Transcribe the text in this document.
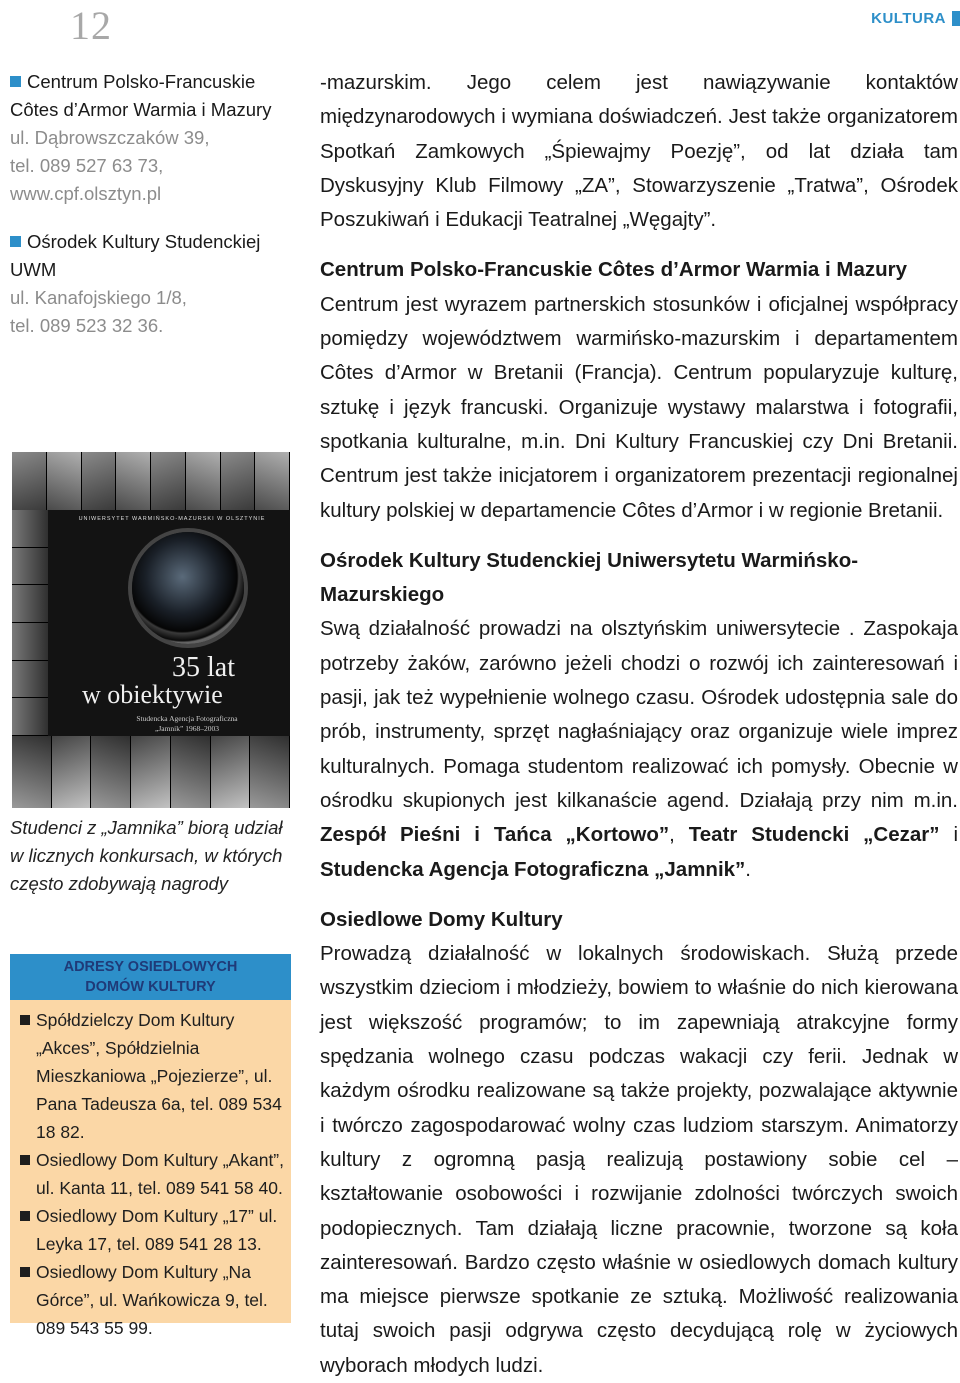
12	KULTURA
Centrum Polsko-Francuskie Côtes d’Armor Warmia i Mazury
ul. Dąbrowszczaków 39,
tel. 089 527 63 73,
www.cpf.olsztyn.pl
Ośrodek Kultury Studenckiej UWM
ul. Kanafojskiego 1/8,
tel. 089 523 32 36.
UNIWERSYTET WARMIŃSKO-MAZURSKI W OLSZTYNIE
35 lat
w obiektywie
Studencka Agencja Fotograficzna
„Jamnik” 1968–2003
Studenci z „Jamnika” biorą udział w licznych konkursach, w których często zdobywają nagrody
ADRESY OSIEDLOWYCH
DOMÓW KULTURY
Spółdzielczy Dom Kultury „Akces”, Spółdzielnia Mieszkaniowa „Pojezierze”, ul. Pana Tadeusza 6a, tel. 089 534 18 82.
Osiedlowy Dom Kultury „Akant”, ul. Kanta 11, tel. 089 541 58 40.
Osiedlowy Dom Kultury „17” ul. Leyka 17, tel. 089 541 28 13.
Osiedlowy Dom Kultury „Na Górce”, ul. Wańkowicza 9, tel. 089 543 55 99.

-mazurskim. Jego celem jest nawiązywanie kontaktów międzynarodowych i wymiana doświadczeń. Jest także organizatorem Spotkań Zamkowych „Śpiewajmy Poezję”, od lat działa tam Dyskusyjny Klub Filmowy „ZA”, Stowarzyszenie „Tratwa”, Ośrodek Poszukiwań i Edukacji Teatralnej „Węgajty”.

Centrum Polsko-Francuskie Côtes d’Armor Warmia i Mazury

Centrum jest wyrazem partnerskich stosunków i oficjalnej współpracy pomiędzy województwem warmińsko-mazurskim i departamentem Côtes d’Armor w Bretanii (Francja). Centrum popularyzuje kulturę, sztukę i język francuski. Organizuje wystawy malarstwa i fotografii, spotkania kulturalne, m.in. Dni Kultury Francuskiej czy Dni Bretanii. Centrum jest także inicjatorem i organizatorem prezentacji regionalnej kultury polskiej w departamencie Côtes d’Armor i w regionie Bretanii.

Ośrodek Kultury Studenckiej Uniwersytetu Warmińsko-Mazurskiego

Swą działalność prowadzi na olsztyńskim uniwersytecie . Zaspokaja potrzeby żaków, zarówno jeżeli chodzi o rozwój ich zainteresowań i pasji, jak też wypełnienie wolnego czasu. Ośrodek udostępnia sale do prób, instrumenty, sprzęt nagłaśniający oraz organizuje wiele imprez kulturalnych. Pomaga studentom realizować ich pomysły. Obecnie w ośrodku skupionych jest kilkanaście agend. Działają przy nim m.in. Zespół Pieśni i Tańca „Kortowo”, Teatr Studencki „Cezar” i Studencka Agencja Fotograficzna „Jamnik”.

Osiedlowe Domy Kultury

Prowadzą działalność w lokalnych środowiskach. Służą przede wszystkim dzieciom i młodzieży, bowiem to właśnie do nich kierowana jest większość programów; to im zapewniają atrakcyjne formy spędzania wolnego czasu podczas wakacji czy ferii. Jednak w każdym ośrodku realizowane są także projekty, pozwalające aktywnie i twórczo zagospodarować wolny czas ludziom starszym. Animatorzy kultury z ogromną pasją realizują postawiony sobie cel – kształtowanie osobowości i rozwijanie zdolności twórczych swoich podopiecznych. Tam działają liczne pracownie, tworzone są koła zainteresowań. Bardzo często właśnie w osiedlowych domach kultury ma miejsce pierwsze spotkanie ze sztuką. Możliwość realizowania tutaj swoich pasji odgrywa często decydującą rolę w życiowych wyborach młodych ludzi.
